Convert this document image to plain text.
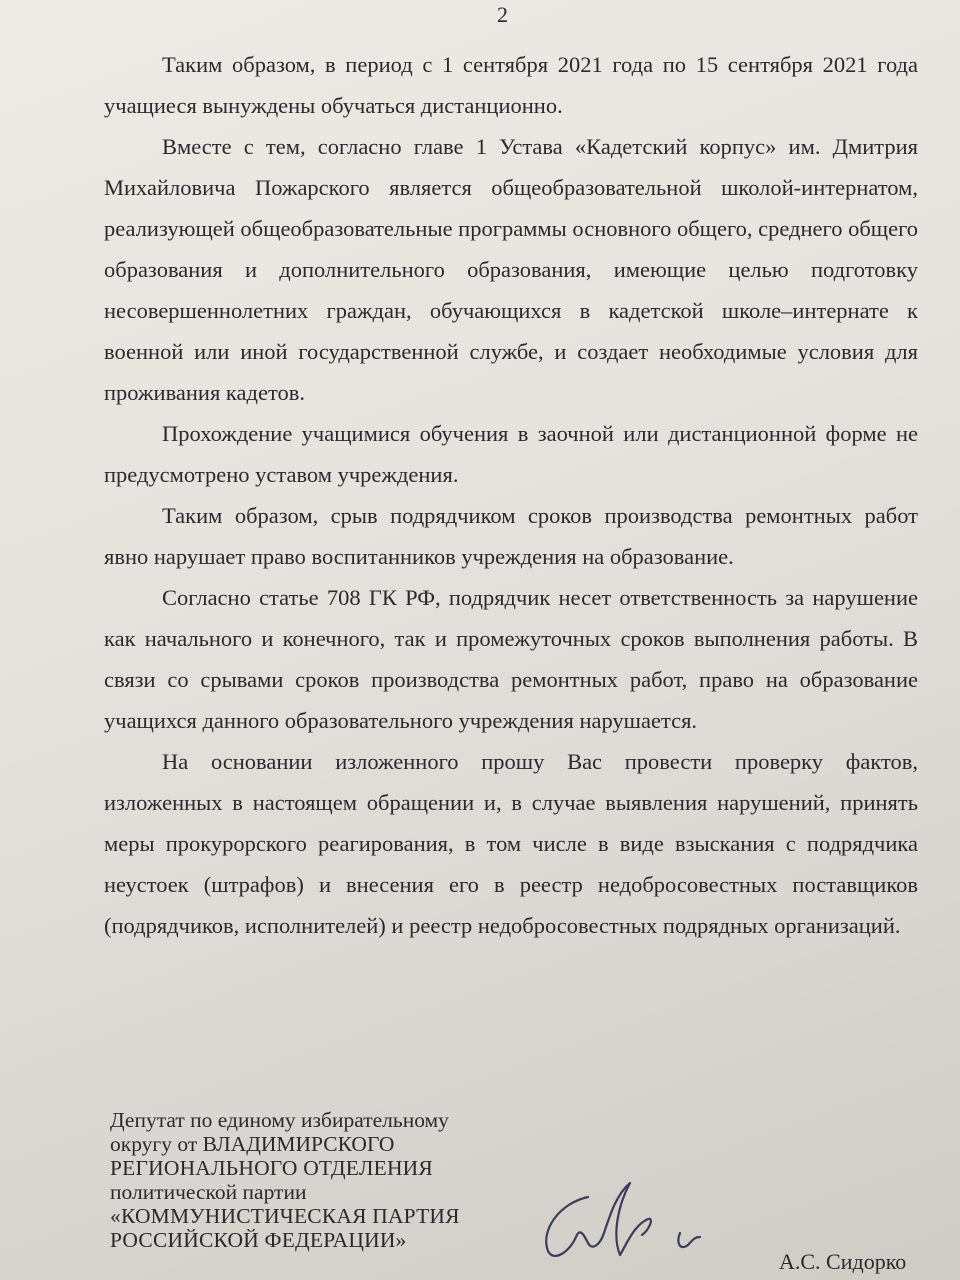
2

Таким образом, в период с 1 сентября 2021 года по 15 сентября 2021 года учащиеся вынуждены обучаться дистанционно.

Вместе с тем, согласно главе 1 Устава «Кадетский корпус» им. Дмитрия Михайловича Пожарского является общеобразовательной школой-интернатом, реализующей общеобразовательные программы основного общего, среднего общего образования и дополнительного образования, имеющие целью подготовку несовершеннолетних граждан, обучающихся в кадетской школе–интернате к военной или иной государственной службе, и создает необходимые условия для проживания кадетов.

Прохождение учащимися обучения в заочной или дистанционной форме не предусмотрено уставом учреждения.

Таким образом, срыв подрядчиком сроков производства ремонтных работ явно нарушает право воспитанников учреждения на образование.

Согласно статье 708 ГК РФ, подрядчик несет ответственность за нарушение как начального и конечного, так и промежуточных сроков выполнения работы. В связи со срывами сроков производства ремонтных работ, право на образование учащихся данного образовательного учреждения нарушается.

На основании изложенного прошу Вас провести проверку фактов, изложенных в настоящем обращении и, в случае выявления нарушений, принять меры прокурорского реагирования, в том числе в виде взыскания с подрядчика неустоек (штрафов) и внесения его в реестр недобросовестных поставщиков (подрядчиков, исполнителей) и реестр недобросовестных подрядных организаций.

Депутат по единому избирательному
округу от ВЛАДИМИРСКОГО
РЕГИОНАЛЬНОГО ОТДЕЛЕНИЯ
политической партии
«КОММУНИСТИЧЕСКАЯ ПАРТИЯ
РОССИЙСКОЙ ФЕДЕРАЦИИ»
А.С. Сидорко
